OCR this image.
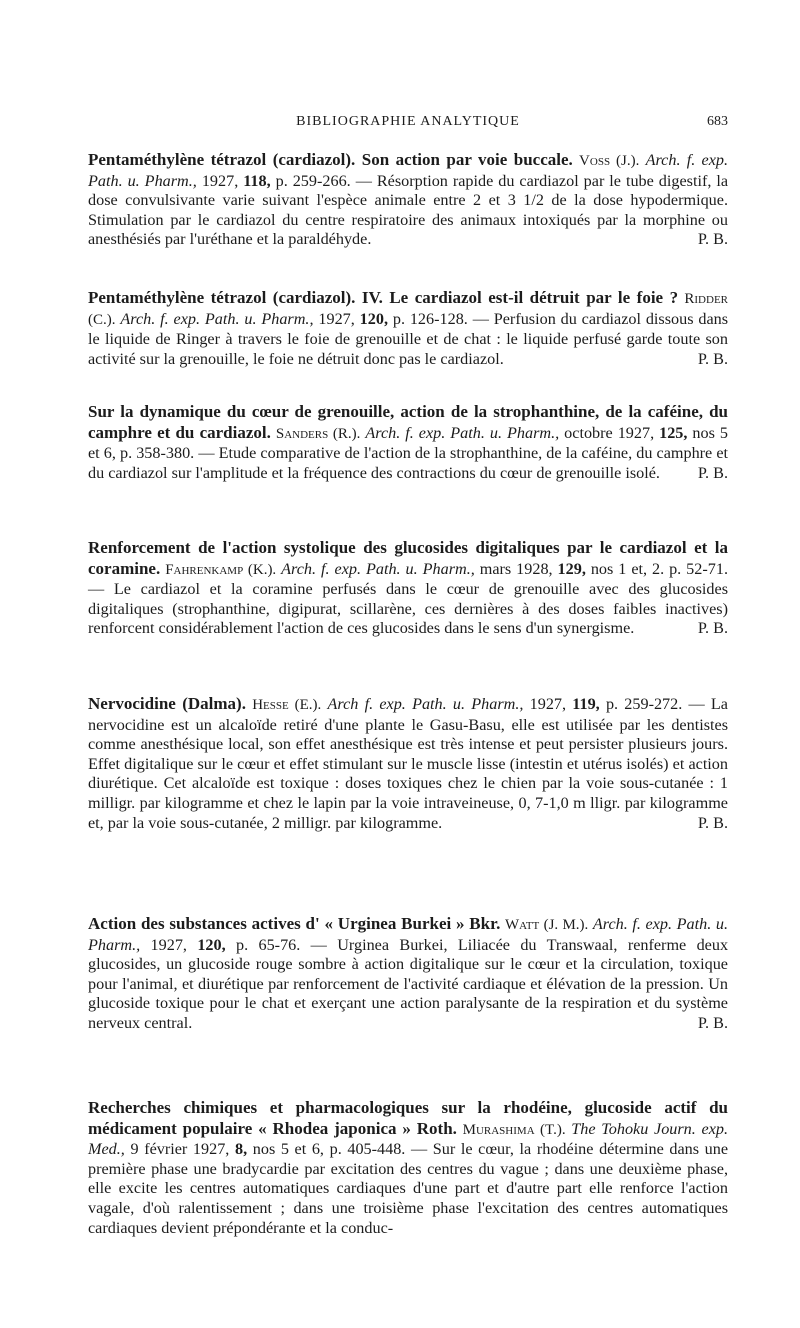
BIBLIOGRAPHIE ANALYTIQUE	683

Pentaméthylène tétrazol (cardiazol). Son action par voie buccale. Voss (J.). Arch. f. exp. Path. u. Pharm., 1927, 118, p. 259-266. — Résorption rapide du cardiazol par le tube digestif, la dose convulsivante varie suivant l'espèce animale entre 2 et 3 1/2 de la dose hypodermique. Stimulation par le cardiazol du centre respiratoire des animaux intoxiqués par la morphine ou anesthésiés par l'uréthane et la paraldéhyde.	P. B.

Pentaméthylène tétrazol (cardiazol). IV. Le cardiazol est-il détruit par le foie ? Ridder (C.). Arch. f. exp. Path. u. Pharm., 1927, 120, p. 126-128. — Perfusion du cardiazol dissous dans le liquide de Ringer à travers le foie de grenouille et de chat : le liquide perfusé garde toute son activité sur la grenouille, le foie ne détruit donc pas le cardiazol.	P. B.

Sur la dynamique du cœur de grenouille, action de la strophanthine, de la caféine, du camphre et du cardiazol. Sanders (R.). Arch. f. exp. Path. u. Pharm., octobre 1927, 125, nos 5 et 6, p. 358-380. — Etude comparative de l'action de la strophanthine, de la caféine, du camphre et du cardiazol sur l'amplitude et la fréquence des contractions du cœur de grenouille isolé. P. B.

Renforcement de l'action systolique des glucosides digitaliques par le cardiazol et la coramine. Fahrenkamp (K.). Arch. f. exp. Path. u. Pharm., mars 1928, 129, nos 1 et, 2. p. 52-71. — Le cardiazol et la coramine perfusés dans le cœur de grenouille avec des glucosides digitaliques (strophanthine, digipurat, scillarène, ces dernières à des doses faibles inactives) renforcent considérablement l'action de ces glucosides dans le sens d'un synergisme.	P. B.

Nervocidine (Dalma). Hesse (E.). Arch f. exp. Path. u. Pharm., 1927, 119, p. 259-272. — La nervocidine est un alcaloïde retiré d'une plante le Gasu-Basu, elle est utilisée par les dentistes comme anesthésique local, son effet anesthésique est très intense et peut persister plusieurs jours. Effet digitalique sur le cœur et effet stimulant sur le muscle lisse (intestin et utérus isolés) et action diurétique. Cet alcaloïde est toxique : doses toxiques chez le chien par la voie sous-cutanée : 1 milligr. par kilogramme et chez le lapin par la voie intraveineuse, 0, 7-1,0 m lligr. par kilogramme et, par la voie sous-cutanée, 2 milligr. par kilogramme.	P. B.

Action des substances actives d' « Urginea Burkei » Bkr. Watt (J. M.). Arch. f. exp. Path. u. Pharm., 1927, 120, p. 65-76. — Urginea Burkei, Liliacée du Transwaal, renferme deux glucosides, un glucoside rouge sombre à action digitalique sur le cœur et la circulation, toxique pour l'animal, et diurétique par renforcement de l'activité cardiaque et élévation de la pression. Un glucoside toxique pour le chat et exerçant une action paralysante de la respiration et du système nerveux central.	P. B.

Recherches chimiques et pharmacologiques sur la rhodéine, glucoside actif du médicament populaire « Rhodea japonica » Roth. Murashima (T.). The Tohoku Journ. exp. Med., 9 février 1927, 8, nos 5 et 6, p. 405-448. — Sur le cœur, la rhodéine détermine dans une première phase une bradycardie par excitation des centres du vague ; dans une deuxième phase, elle excite les centres automatiques cardiaques d'une part et d'autre part elle renforce l'action vagale, d'où ralentissement ; dans une troisième phase l'excitation des centres automatiques cardiaques devient prépondérante et la conduc-
